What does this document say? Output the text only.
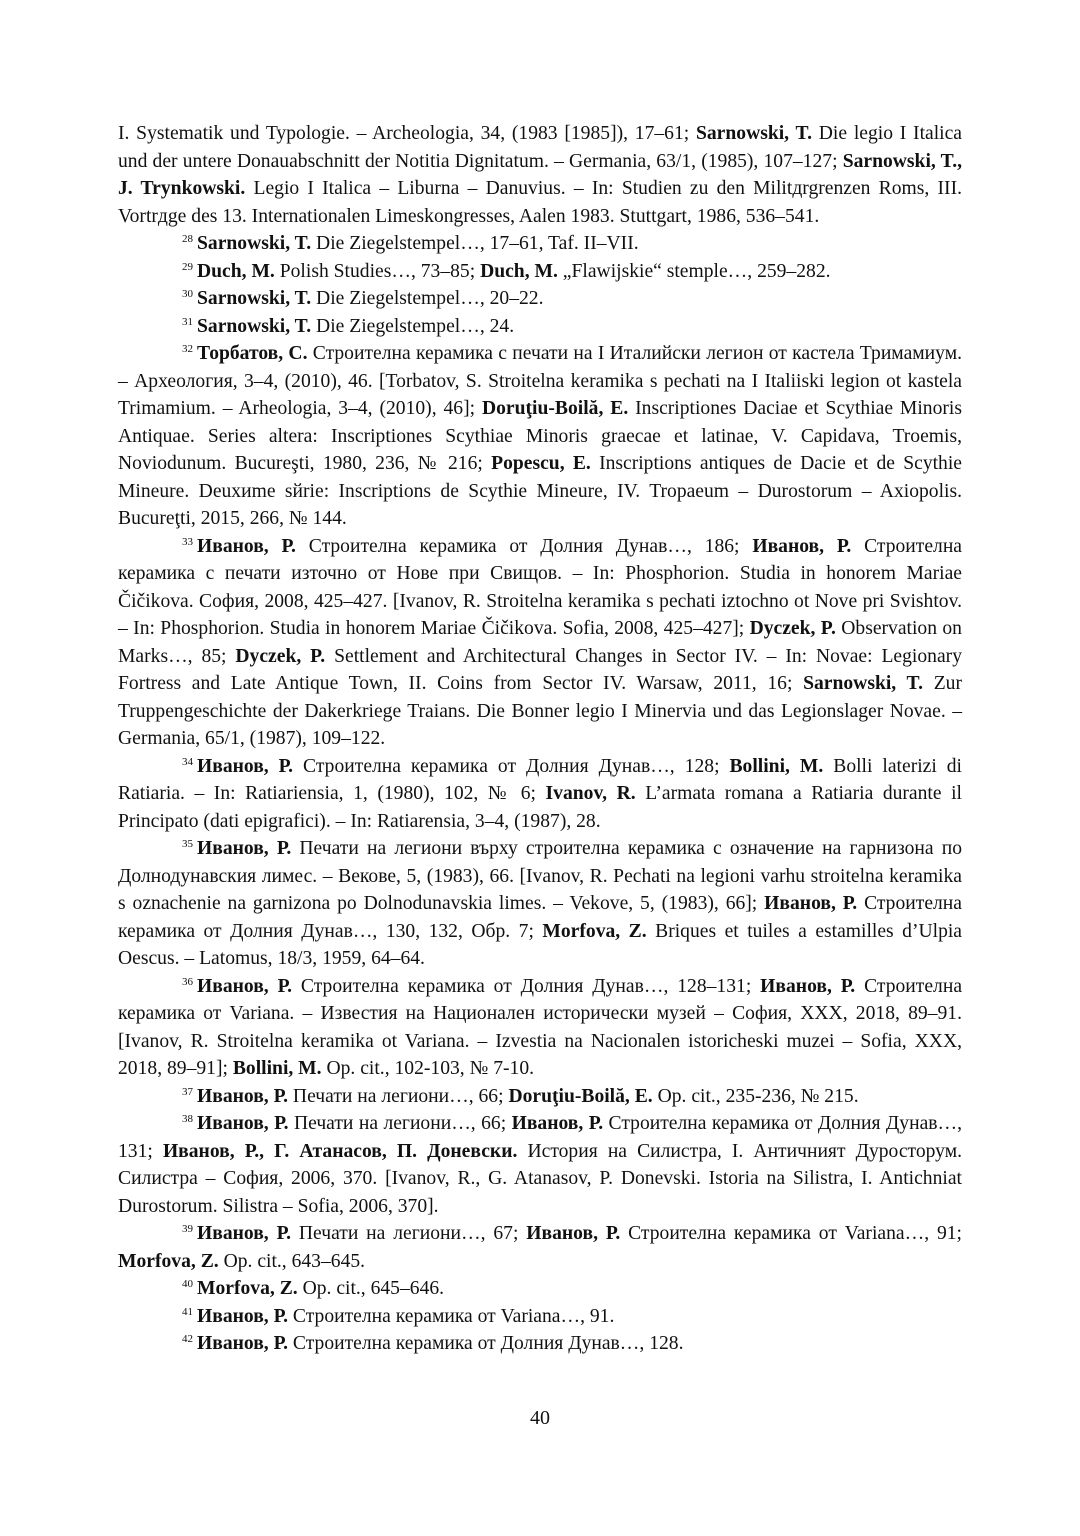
I. Systematik und Typologie. – Archeologia, 34, (1983 [1985]), 17–61; Sarnowski, T. Die legio I Italica und der untere Donauabschnitt der Notitia Dignitatum. – Germania, 63/1, (1985), 107–127; Sarnowski, T., J. Trynkowski. Legio I Italica – Liburna – Danuvius. – In: Studien zu den Militдrgrenzen Roms, III. Vortrдge des 13. Internationalen Limeskongresses, Aalen 1983. Stuttgart, 1986, 536–541.

$^{28}$ Sarnowski, T. Die Ziegelstempel…, 17–61, Taf. II–VII.

$^{29}$ Duch, M. Polish Studies…, 73–85; Duch, M. „Flawijskie“ stemple…, 259–282.

$^{30}$ Sarnowski, T. Die Ziegelstempel…, 20–22.

$^{31}$ Sarnowski, T. Die Ziegelstempel…, 24.

$^{32}$ Торбатов, С. Строителна керамика с печати на I Италийски легион от кастела Тримамиум. – Археология, 3–4, (2010), 46. [Torbatov, S. Stroitelna keramika s pechati na I Italiiski legion ot kastela Trimamium. – Arheologia, 3–4, (2010), 46]; Doruţiu-Boilă, E. Inscriptiones Daciae et Scythiae Minoris Antiquae. Series altera: Inscriptiones Scythiae Minoris graecae et latinae, V. Capidava, Troemis, Noviodunum. Bucureşti, 1980, 236, № 216; Popescu, E. Inscriptions antiques de Dacie et de Scythie Mineure. Deuxиme sйrie: Inscriptions de Scythie Mineure, IV. Tropaeum – Durostorum – Axiopolis. Bucureţti, 2015, 266, № 144.

$^{33}$ Иванов, Р. Строителна керамика от Долния Дунав…, 186; Иванов, Р. Строителна керамика с печати източно от Нове при Свищов. – In: Phosphorion. Studia in honorem Mariae Čičikova. София, 2008, 425–427. [Ivanov, R. Stroitelna keramika s pechati iztochno ot Nove pri Svishtov. – In: Phosphorion. Studia in honorem Mariae Čičikova. Sofia, 2008, 425–427]; Dyczek, P. Observation on Marks…, 85; Dyczek, P. Settlement and Architectural Changes in Sector IV. – In: Novae: Legionary Fortress and Late Antique Town, II. Coins from Sector IV. Warsaw, 2011, 16; Sarnowski, T. Zur Truppengeschichte der Dakerkriege Traians. Die Bonner legio I Minervia und das Legionslager Novae. – Germania, 65/1, (1987), 109–122.

$^{34}$ Иванов, Р. Строителна керамика от Долния Дунав…, 128; Bollini, M. Bolli laterizi di Ratiaria. – In: Ratiariensia, 1, (1980), 102, № 6; Ivanov, R. L’armata romana a Ratiaria durante il Principato (dati epigrafici). – In: Ratiarensia, 3–4, (1987), 28.

$^{35}$ Иванов, Р. Печати на легиони върху строителна керамика с означение на гарнизона по Долнодунавския лимес. – Векове, 5, (1983), 66. [Ivanov, R. Pechati na legioni varhu stroitelna keramika s oznachenie na garnizona po Dolnodunavskia limes. – Vekove, 5, (1983), 66]; Иванов, Р. Строителна керамика от Долния Дунав…, 130, 132, Обр. 7; Morfova, Z. Briques et tuiles a estamilles d’Ulpia Oescus. – Latomus, 18/3, 1959, 64–64.

$^{36}$ Иванов, Р. Строителна керамика от Долния Дунав…, 128–131; Иванов, Р. Строителна керамика от Variana. – Известия на Националeн исторически музей – София, XXX, 2018, 89–91. [Ivanov, R. Stroitelna keramika ot Variana. – Izvestia na Nacionalen istoricheski muzei – Sofia, XXX, 2018, 89–91]; Bollini, M. Op. cit., 102-103, № 7-10.

$^{37}$ Иванов, Р. Печати на легиони…, 66; Doruţiu-Boilă, E. Op. cit., 235-236, № 215.

$^{38}$ Иванов, Р. Печати на легиони…, 66; Иванов, Р. Строителна керамика от Долния Дунав…, 131; Иванов, Р., Г. Атанасов, П. Доневски. История на Силистра, I. Античният Дуросторум. Силистра – София, 2006, 370. [Ivanov, R., G. Atanasov, P. Donevski. Istoria na Silistra, I. Antichniat Durostorum. Silistra – Sofia, 2006, 370].

$^{39}$ Иванов, Р. Печати на легиони…, 67; Иванов, Р. Строителна керамика от Variana…, 91; Morfova, Z. Op. cit., 643–645.

$^{40}$ Morfova, Z. Op. cit., 645–646.

$^{41}$ Иванов, Р. Строителна керамика от Variana…, 91.

$^{42}$ Иванов, Р. Строителна керамика от Долния Дунав…, 128.

40
